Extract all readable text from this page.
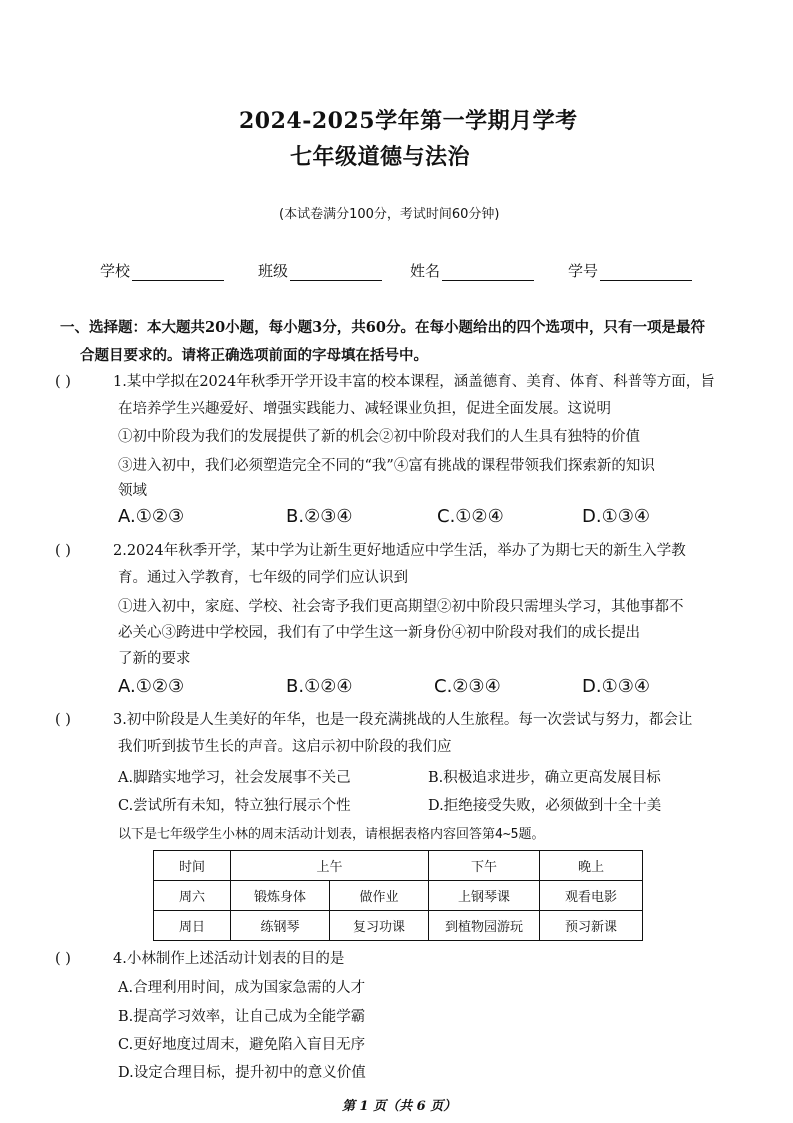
2024-2025学年第一学期月学考
七年级道德与法治
(本试卷满分100分，考试时间60分钟)
学校	班级	姓名	学号
一、选择题：本大题共20小题，每小题3分，共60分。在每小题给出的四个选项中，只有一项是最符
合题目要求的。请将正确选项前面的字母填在括号中。
( )	1.某中学拟在2024年秋季开学开设丰富的校本课程，涵盖德育、美育、体育、科普等方面，旨
在培养学生兴趣爱好、增强实践能力、减轻课业负担，促进全面发展。这说明
①初中阶段为我们的发展提供了新的机会②初中阶段对我们的人生具有独特的价值
③进入初中，我们必须塑造完全不同的“我”④富有挑战的课程带领我们探索新的知识
领域
A.①②③	B.②③④	C.①②④	D.①③④
( )	2.2024年秋季开学，某中学为让新生更好地适应中学生活，举办了为期七天的新生入学教
育。通过入学教育，七年级的同学们应认识到
①进入初中，家庭、学校、社会寄予我们更高期望②初中阶段只需埋头学习，其他事都不
必关心③跨进中学校园，我们有了中学生这一新身份④初中阶段对我们的成长提出
了新的要求
A.①②③	B.①②④	C.②③④	D.①③④
( )	3.初中阶段是人生美好的年华，也是一段充满挑战的人生旅程。每一次尝试与努力，都会让
我们听到拔节生长的声音。这启示初中阶段的我们应
A.脚踏实地学习，社会发展事不关己	B.积极追求进步，确立更高发展目标
C.尝试所有未知，特立独行展示个性	D.拒绝接受失败，必须做到十全十美
以下是七年级学生小林的周末活动计划表，请根据表格内容回答第4~5题。
时间	上午		下午	晚上
周六	锻炼身体	做作业	上钢琴课	观看电影
周日	练钢琴	复习功课	到植物园游玩	预习新课
( )	4.小林制作上述活动计划表的目的是
A.合理利用时间，成为国家急需的人才
B.提高学习效率，让自己成为全能学霸
C.更好地度过周末，避免陷入盲目无序
D.设定合理目标，提升初中的意义价值
第 1 页（共 6 页）
